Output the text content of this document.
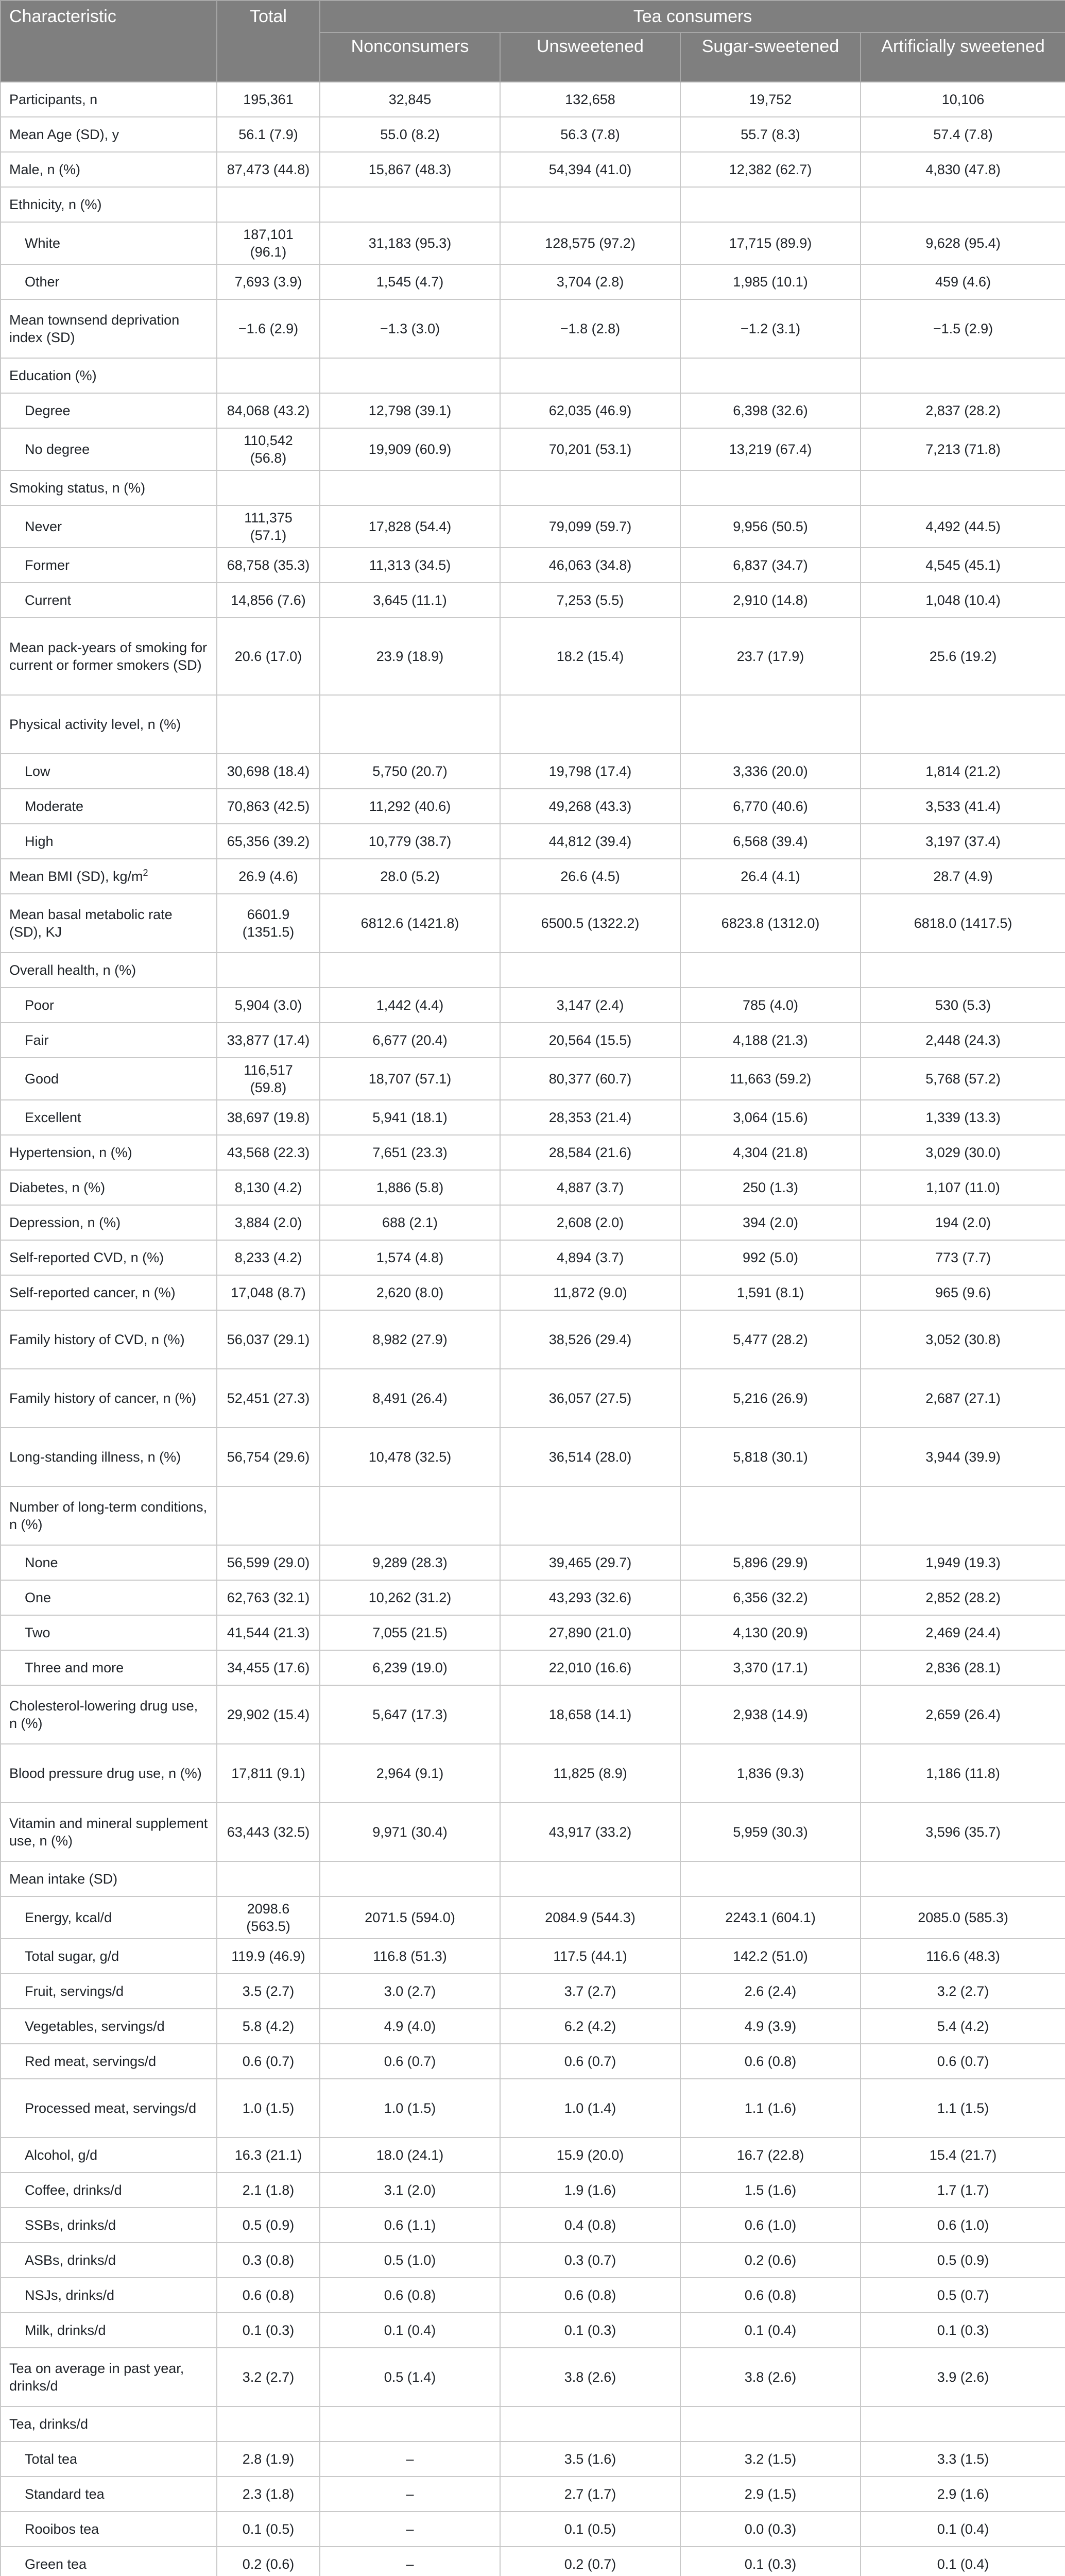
Characteristic	Total	Tea consumers			
		Nonconsumers	Unsweetened	Sugar-sweetened	Artificially sweetened
Participants, n	195,361	32,845	132,658	19,752	10,106
Mean Age (SD), y	56.1 (7.9)	55.0 (8.2)	56.3 (7.8)	55.7 (8.3)	57.4 (7.8)
Male, n (%)	87,473 (44.8)	15,867 (48.3)	54,394 (41.0)	12,382 (62.7)	4,830 (47.8)
Ethnicity, n (%)					
White	187,101 (96.1)	31,183 (95.3)	128,575 (97.2)	17,715 (89.9)	9,628 (95.4)
Other	7,693 (3.9)	1,545 (4.7)	3,704 (2.8)	1,985 (10.1)	459 (4.6)
Mean townsend deprivation index (SD)	−1.6 (2.9)	−1.3 (3.0)	−1.8 (2.8)	−1.2 (3.1)	−1.5 (2.9)
Education (%)					
Degree	84,068 (43.2)	12,798 (39.1)	62,035 (46.9)	6,398 (32.6)	2,837 (28.2)
No degree	110,542 (56.8)	19,909 (60.9)	70,201 (53.1)	13,219 (67.4)	7,213 (71.8)
Smoking status, n (%)					
Never	111,375 (57.1)	17,828 (54.4)	79,099 (59.7)	9,956 (50.5)	4,492 (44.5)
Former	68,758 (35.3)	11,313 (34.5)	46,063 (34.8)	6,837 (34.7)	4,545 (45.1)
Current	14,856 (7.6)	3,645 (11.1)	7,253 (5.5)	2,910 (14.8)	1,048 (10.4)
Mean pack-years of smoking for current or former smokers (SD)	20.6 (17.0)	23.9 (18.9)	18.2 (15.4)	23.7 (17.9)	25.6 (19.2)
Physical activity level, n (%)					
Low	30,698 (18.4)	5,750 (20.7)	19,798 (17.4)	3,336 (20.0)	1,814 (21.2)
Moderate	70,863 (42.5)	11,292 (40.6)	49,268 (43.3)	6,770 (40.6)	3,533 (41.4)
High	65,356 (39.2)	10,779 (38.7)	44,812 (39.4)	6,568 (39.4)	3,197 (37.4)
Mean BMI (SD), $kg/m^2$	26.9 (4.6)	28.0 (5.2)	26.6 (4.5)	26.4 (4.1)	28.7 (4.9)
Mean basal metabolic rate (SD), KJ	6601.9 (1351.5)	6812.6 (1421.8)	6500.5 (1322.2)	6823.8 (1312.0)	6818.0 (1417.5)
Overall health, n (%)					
Poor	5,904 (3.0)	1,442 (4.4)	3,147 (2.4)	785 (4.0)	530 (5.3)
Fair	33,877 (17.4)	6,677 (20.4)	20,564 (15.5)	4,188 (21.3)	2,448 (24.3)
Good	116,517 (59.8)	18,707 (57.1)	80,377 (60.7)	11,663 (59.2)	5,768 (57.2)
Excellent	38,697 (19.8)	5,941 (18.1)	28,353 (21.4)	3,064 (15.6)	1,339 (13.3)
Hypertension, n (%)	43,568 (22.3)	7,651 (23.3)	28,584 (21.6)	4,304 (21.8)	3,029 (30.0)
Diabetes, n (%)	8,130 (4.2)	1,886 (5.8)	4,887 (3.7)	250 (1.3)	1,107 (11.0)
Depression, n (%)	3,884 (2.0)	688 (2.1)	2,608 (2.0)	394 (2.0)	194 (2.0)
Self-reported CVD, n (%)	8,233 (4.2)	1,574 (4.8)	4,894 (3.7)	992 (5.0)	773 (7.7)
Self-reported cancer, n (%)	17,048 (8.7)	2,620 (8.0)	11,872 (9.0)	1,591 (8.1)	965 (9.6)
Family history of CVD, n (%)	56,037 (29.1)	8,982 (27.9)	38,526 (29.4)	5,477 (28.2)	3,052 (30.8)
Family history of cancer, n (%)	52,451 (27.3)	8,491 (26.4)	36,057 (27.5)	5,216 (26.9)	2,687 (27.1)
Long-standing illness, n (%)	56,754 (29.6)	10,478 (32.5)	36,514 (28.0)	5,818 (30.1)	3,944 (39.9)
Number of long-term conditions, n (%)					
None	56,599 (29.0)	9,289 (28.3)	39,465 (29.7)	5,896 (29.9)	1,949 (19.3)
One	62,763 (32.1)	10,262 (31.2)	43,293 (32.6)	6,356 (32.2)	2,852 (28.2)
Two	41,544 (21.3)	7,055 (21.5)	27,890 (21.0)	4,130 (20.9)	2,469 (24.4)
Three and more	34,455 (17.6)	6,239 (19.0)	22,010 (16.6)	3,370 (17.1)	2,836 (28.1)
Cholesterol-lowering drug use, n (%)	29,902 (15.4)	5,647 (17.3)	18,658 (14.1)	2,938 (14.9)	2,659 (26.4)
Blood pressure drug use, n (%)	17,811 (9.1)	2,964 (9.1)	11,825 (8.9)	1,836 (9.3)	1,186 (11.8)
Vitamin and mineral supplement use, n (%)	63,443 (32.5)	9,971 (30.4)	43,917 (33.2)	5,959 (30.3)	3,596 (35.7)
Mean intake (SD)					
Energy, kcal/d	2098.6 (563.5)	2071.5 (594.0)	2084.9 (544.3)	2243.1 (604.1)	2085.0 (585.3)
Total sugar, g/d	119.9 (46.9)	116.8 (51.3)	117.5 (44.1)	142.2 (51.0)	116.6 (48.3)
Fruit, servings/d	3.5 (2.7)	3.0 (2.7)	3.7 (2.7)	2.6 (2.4)	3.2 (2.7)
Vegetables, servings/d	5.8 (4.2)	4.9 (4.0)	6.2 (4.2)	4.9 (3.9)	5.4 (4.2)
Red meat, servings/d	0.6 (0.7)	0.6 (0.7)	0.6 (0.7)	0.6 (0.8)	0.6 (0.7)
Processed meat, servings/d	1.0 (1.5)	1.0 (1.5)	1.0 (1.4)	1.1 (1.6)	1.1 (1.5)
Alcohol, g/d	16.3 (21.1)	18.0 (24.1)	15.9 (20.0)	16.7 (22.8)	15.4 (21.7)
Coffee, drinks/d	2.1 (1.8)	3.1 (2.0)	1.9 (1.6)	1.5 (1.6)	1.7 (1.7)
SSBs, drinks/d	0.5 (0.9)	0.6 (1.1)	0.4 (0.8)	0.6 (1.0)	0.6 (1.0)
ASBs, drinks/d	0.3 (0.8)	0.5 (1.0)	0.3 (0.7)	0.2 (0.6)	0.5 (0.9)
NSJs, drinks/d	0.6 (0.8)	0.6 (0.8)	0.6 (0.8)	0.6 (0.8)	0.5 (0.7)
Milk, drinks/d	0.1 (0.3)	0.1 (0.4)	0.1 (0.3)	0.1 (0.4)	0.1 (0.3)
Tea on average in past year, drinks/d	3.2 (2.7)	0.5 (1.4)	3.8 (2.6)	3.8 (2.6)	3.9 (2.6)
Tea, drinks/d					
Total tea	2.8 (1.9)	–	3.5 (1.6)	3.2 (1.5)	3.3 (1.5)
Standard tea	2.3 (1.8)	–	2.7 (1.7)	2.9 (1.5)	2.9 (1.6)
Rooibos tea	0.1 (0.5)	–	0.1 (0.5)	0.0 (0.3)	0.1 (0.4)
Green tea	0.2 (0.6)	–	0.2 (0.7)	0.1 (0.3)	0.1 (0.4)
